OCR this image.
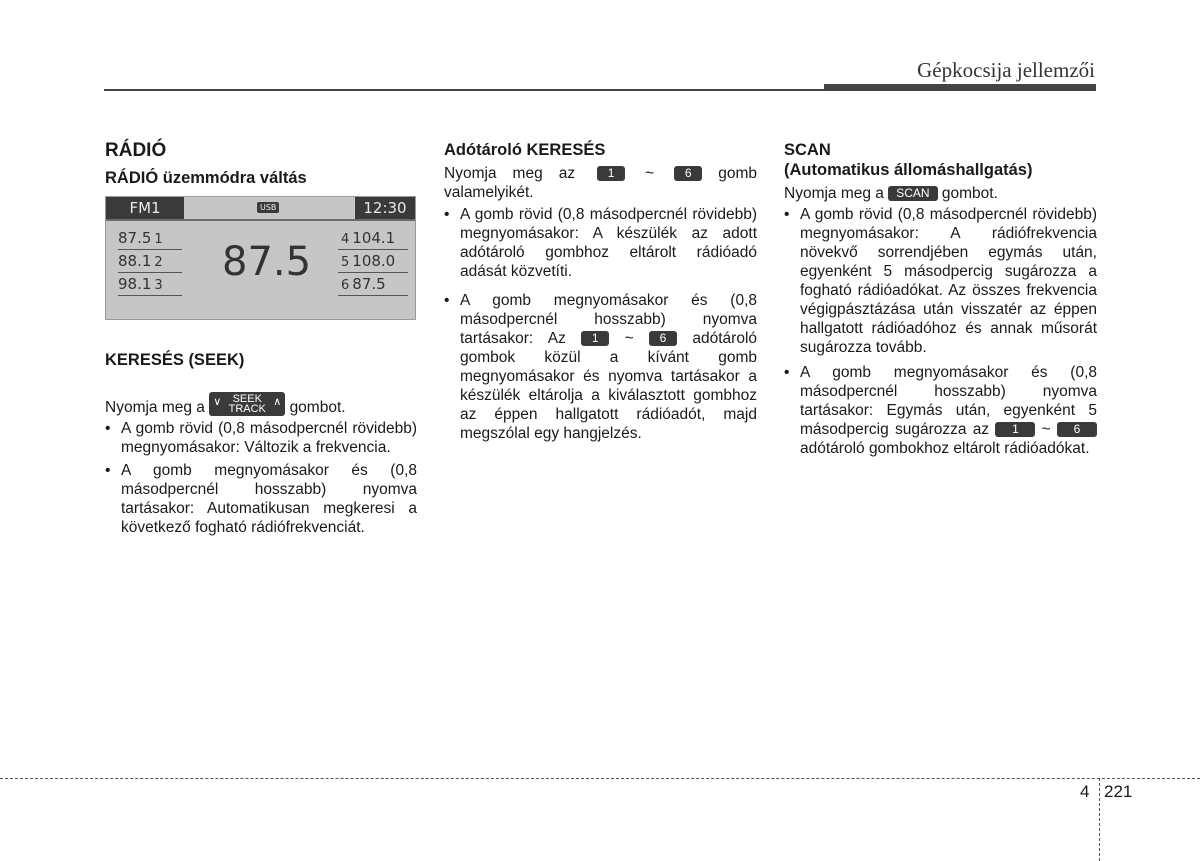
Gépkocsija jellemzői
RÁDIÓ
RÁDIÓ üzemmódra váltás
FM1	USB	12:30
87.5
87.5 1
88.1 2
98.1 3
4 104.1
5 108.0
6 87.5
KERESÉS (SEEK)

Nyomja meg a ∨	SEEK
TRACK
∧ gombot.

• A gomb rövid (0,8 másodpercnél rövidebb) megnyomásakor: Változik a frekvencia.
• A gomb megnyomásakor és (0,8 másodpercnél hosszabb) nyomva tartásakor: Automatikusan megkeresi a következő fogható rádiófrekvenciát.
Adótároló KERESÉS

Nyomja meg az	1 ~	6 gomb valamelyikét.

• A gomb rövid (0,8 másodpercnél rövidebb) megnyomásakor: A készülék az adott adótároló gombhoz eltárolt rádióadó adását közvetíti.
• A gomb megnyomásakor és (0,8 másodpercnél hosszabb) nyomva tartásakor: Az 1 ~ 6 adótároló gombok közül a kívánt gomb megnyomásakor és nyomva tartásakor a készülék eltárolja a kiválasztott gombhoz az éppen hallgatott rádióadót, majd megszólal egy hangjelzés.
SCAN
(Automatikus állomáshallgatás)

Nyomja meg a SCAN gombot.

• A gomb rövid (0,8 másodpercnél rövidebb) megnyomásakor: A rádiófrekvencia növekvő sorrendjében egymás után, egyenként 5 másodpercig sugározza a fogható rádióadókat. Az összes frekvencia végigpásztázása után visszatér az éppen hallgatott rádióadóhoz és annak műsorát sugározza tovább.
• A gomb megnyomásakor és (0,8 másodpercnél hosszabb) nyomva tartásakor: Egymás után, egyenként 5 másodpercig sugározza az 1 ~ 6 adótároló gombokhoz eltárolt rádióadókat.
4 221
